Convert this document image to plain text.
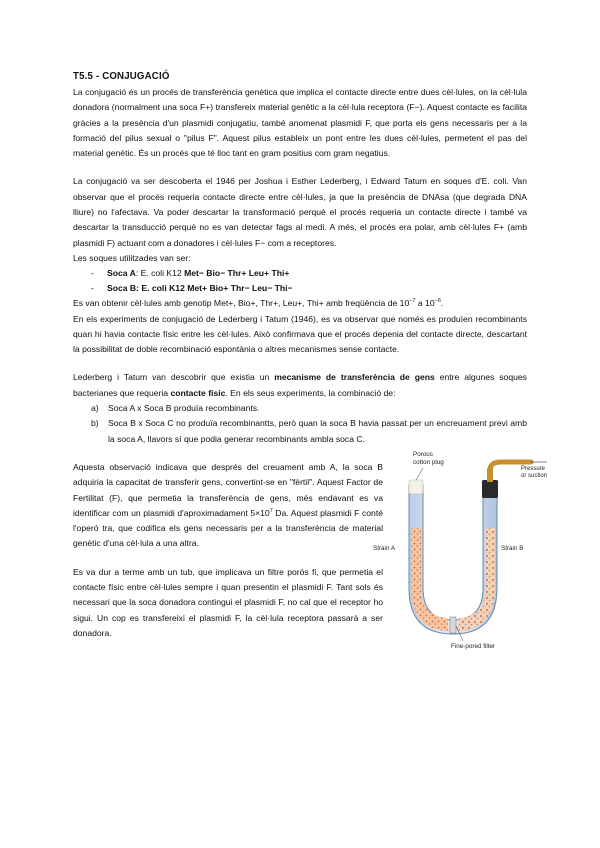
T5.5 - CONJUGACIÓ

La conjugació és un procés de transferència genètica que implica el contacte directe entre dues cèl·lules, on la cèl·lula donadora (normalment una soca F+) transfereix material genètic a la cèl·lula receptora (F−). Aquest contacte es facilita gràcies a la presència d'un plasmidi conjugatiu, també anomenat plasmidi F, que porta els gens necessaris per a la formació del pilus sexual o "pilus F". Aquest pilus estableix un pont entre les dues cèl·lules, permetent el pas del material genètic. És un procés que té lloc tant en gram positius com gram negatius.

La conjugació va ser descoberta el 1946 per Joshua i Esther Lederberg, i Edward Tatum en soques d'E. coli. Van observar que el procés requeria contacte directe entre cèl·lules, ja que la presència de DNAsa (que degrada DNA lliure) no l'afectava. Va poder descartar la transformació perquè el procés requeria un contacte directe i també va descartar la transducció perquè no es van detectar fags al medi. A més, el procés era polar, amb cèl·lules F+ (amb plasmidi F) actuant com a donadores i cèl·lules F− com a receptores.

Les soques utilitzades van ser:

- Soca A: E. coli K12 Met− Bio− Thr+ Leu+ Thi+
- Soca B: E. coli K12 Met+ Bio+ Thr− Leu− Thi−

Es van obtenir cèl·lules amb genotip Met+, Bio+, Thr+, Leu+, Thi+ amb freqüència de $10^{-7}$ a $10^{-6}$.

En els experiments de conjugació de Lederberg i Tatum (1946), es va observar que només es produïen recombinants quan hi havia contacte físic entre les cèl·lules. Això confirmava que el procés depenia del contacte directe, descartant la possibilitat de doble recombinació espontània o altres mecanismes sense contacte.

Lederberg i Tatum van descobrir que existia un mecanisme de transferència de gens entre algunes soques bacterianes que requeria contacte físic. En els seus experiments, la combinació de:

a) Soca A x Soca B produïa recombinants.
b) Soca B x Soca C no produïa recombinantts, però quan la soca B havia passat per un encreuament previ amb la soca A, llavors sí que podia generar recombinants ambla soca C.

Aquesta observació indicava que després del creuament amb A, la soca B adquiria la capacitat de transferir gens, convertint-se en "fèrtil". Aquest Factor de Fertilitat (F), que permetia la transferència de gens, més endavant es va identificar com un plasmidi d'aproximadament $5\times 10^7$ Da. Aquest plasmidi F conté l'operó tra, que codifica els gens necessaris per a la transferència de material genètic d'una cèl·lula a una altra.

Es va dur a terme amb un tub, que implicava un filtre porós fi, que permetia el contacte físic entre cèl·lules sempre i quan presentin el plasmidi F. Tant sols és necessari que la soca donadora contingui el plasmidi F, no cal que el receptor ho sigui. Un cop es transfereixi el plasmidi F, la cèl·lula receptora passarà a ser donadora.

Porous
cotton plug
Pressure
or suction
Strain A	Strain B
Fine-pored filter
